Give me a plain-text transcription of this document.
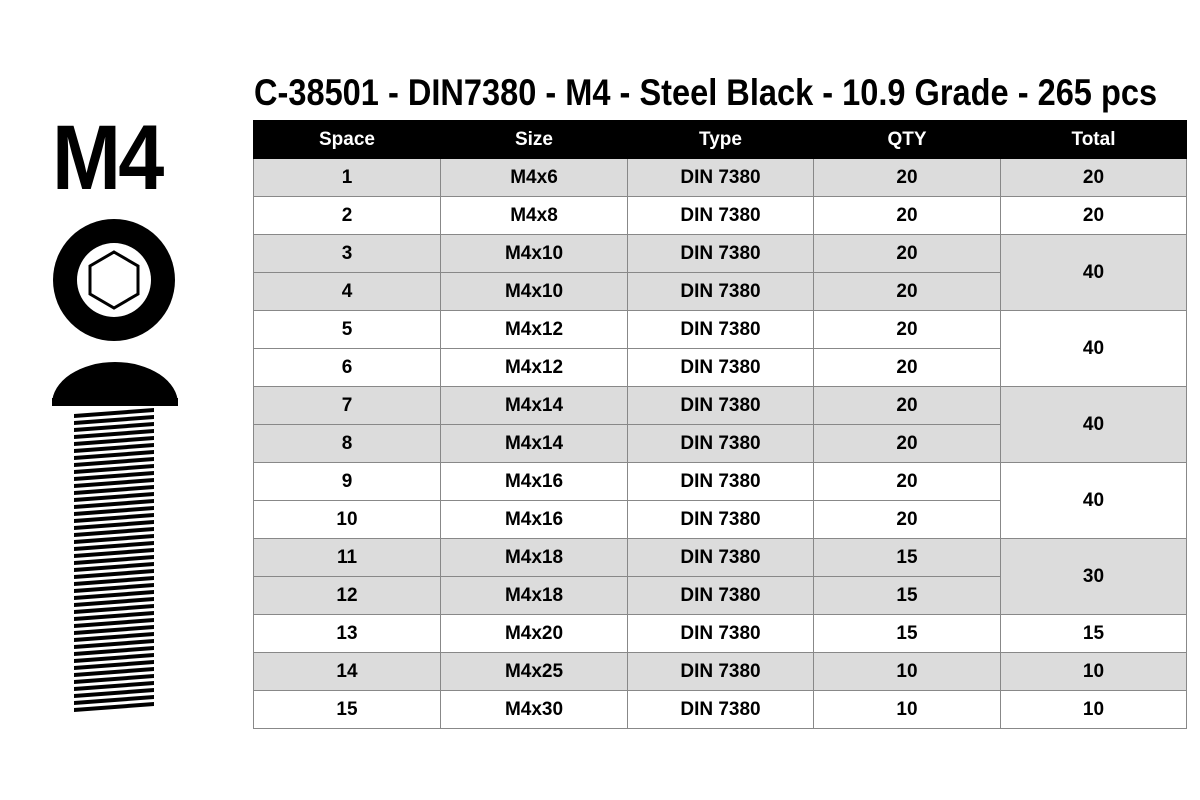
M4
C-38501 - DIN7380 - M4 - Steel Black - 10.9 Grade - 265 pcs
Space	Size	Type	QTY	Total
1	M4x6	DIN 7380	20	20
2	M4x8	DIN 7380	20	20
3	M4x10	DIN 7380	20	40
4	M4x10	DIN 7380	20	
5	M4x12	DIN 7380	20	40
6	M4x12	DIN 7380	20	
7	M4x14	DIN 7380	20	40
8	M4x14	DIN 7380	20	
9	M4x16	DIN 7380	20	40
10	M4x16	DIN 7380	20	
11	M4x18	DIN 7380	15	30
12	M4x18	DIN 7380	15	
13	M4x20	DIN 7380	15	15
14	M4x25	DIN 7380	10	10
15	M4x30	DIN 7380	10	10
